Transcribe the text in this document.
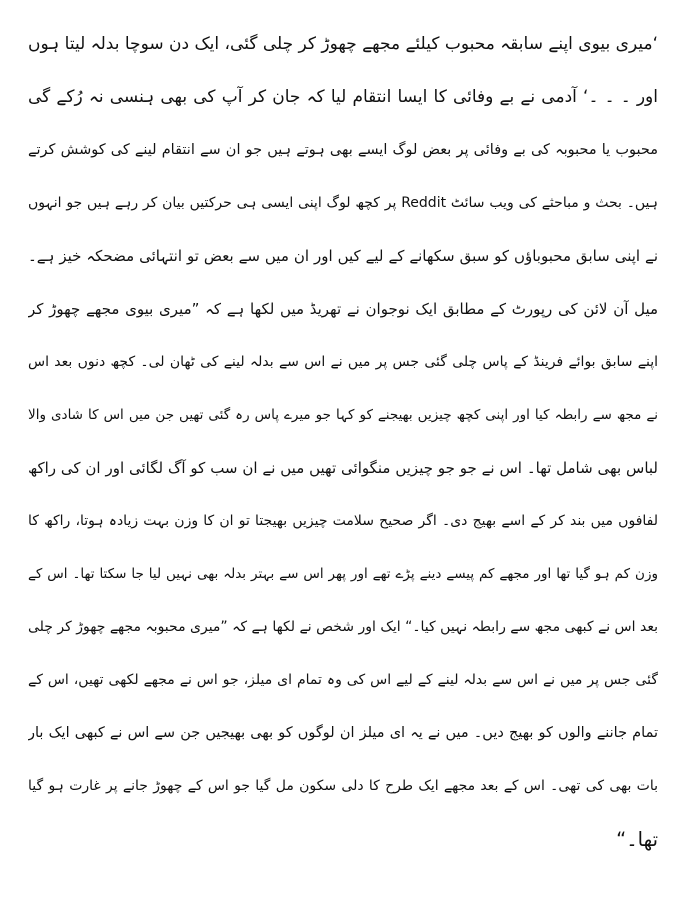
‘میری بیوی اپنے سابقہ محبوب کیلئے مجھے چھوڑ کر چلی گئی، ایک دن سوچا بدلہ لیتا ہوں
اور ۔ ۔ ۔‘ آدمی نے بے وفائی کا ایسا انتقام لیا کہ جان کر آپ کی بھی ہنسی نہ رُکے گی
محبوب یا محبوبہ کی بے وفائی پر بعض لوگ ایسے بھی ہوتے ہیں جو ان سے انتقام لینے کی کوشش کرتے
ہیں۔ بحث و مباحثے کی ویب سائٹ Reddit پر کچھ لوگ اپنی ایسی ہی حرکتیں بیان کر رہے ہیں جو انہوں
نے اپنی سابق محبوباؤں کو سبق سکھانے کے لیے کیں اور ان میں سے بعض تو انتہائی مضحکہ خیز ہے۔
میل آن لائن کی رپورٹ کے مطابق ایک نوجوان نے تھریڈ میں لکھا ہے کہ ”میری بیوی مجھے چھوڑ کر
اپنے سابق بوائے فرینڈ کے پاس چلی گئی جس پر میں نے اس سے بدلہ لینے کی ٹھان لی۔ کچھ دنوں بعد اس
نے مجھ سے رابطہ کیا اور اپنی کچھ چیزیں بھیجنے کو کہا جو میرے پاس رہ گئی تھیں جن میں اس کا شادی والا
لباس بھی شامل تھا۔ اس نے جو جو چیزیں منگوائی تھیں میں نے ان سب کو آگ لگائی اور ان کی راکھ
لفافوں میں بند کر کے اسے بھیج دی۔ اگر صحیح سلامت چیزیں بھیجتا تو ان کا وزن بہت زیادہ ہوتا، راکھ کا
وزن کم ہو گیا تھا اور مجھے کم پیسے دینے پڑے تھے اور پھر اس سے بہتر بدلہ بھی نہیں لیا جا سکتا تھا۔ اس کے
بعد اس نے کبھی مجھ سے رابطہ نہیں کیا۔“ ایک اور شخص نے لکھا ہے کہ ”میری محبوبہ مجھے چھوڑ کر چلی
گئی جس پر میں نے اس سے بدلہ لینے کے لیے اس کی وہ تمام ای میلز، جو اس نے مجھے لکھی تھیں، اس کے
تمام جاننے والوں کو بھیج دیں۔ میں نے یہ ای میلز ان لوگوں کو بھی بھیجیں جن سے اس نے کبھی ایک بار
بات بھی کی تھی۔ اس کے بعد مجھے ایک طرح کا دلی سکون مل گیا جو اس کے چھوڑ جانے پر غارت ہو گیا
تھا۔“
